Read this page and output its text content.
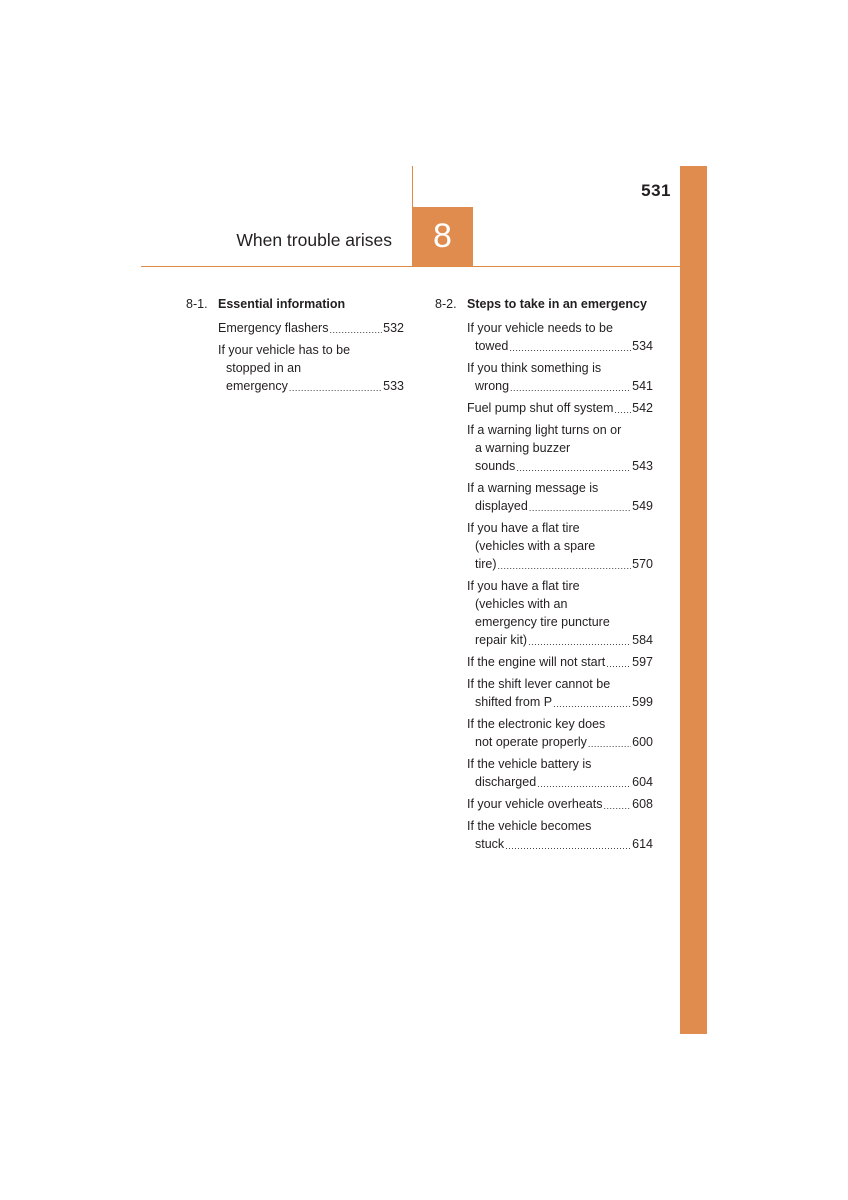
531
When trouble arises	8
8-1. Essential information
Emergency flashers .....	532
If your vehicle has to be
stopped in an
emergency .....	533
8-2. Steps to take in an emergency
If your vehicle needs to be
towed .....	534
If you think something is
wrong .....	541
Fuel pump shut off system ..... 542
If a warning light turns on or
a warning buzzer
sounds .....	543
If a warning message is
displayed .....	549
If you have a flat tire
(vehicles with a spare
tire) .....	570
If you have a flat tire
(vehicles with an
emergency tire puncture
repair kit) .....	584
If the engine will not start ..... 597
If the shift lever cannot be
shifted from P .....	599
If the electronic key does
not operate properly .....	600
If the vehicle battery is
discharged .....	604
If your vehicle overheats ..... 608
If the vehicle becomes
stuck .....	614
